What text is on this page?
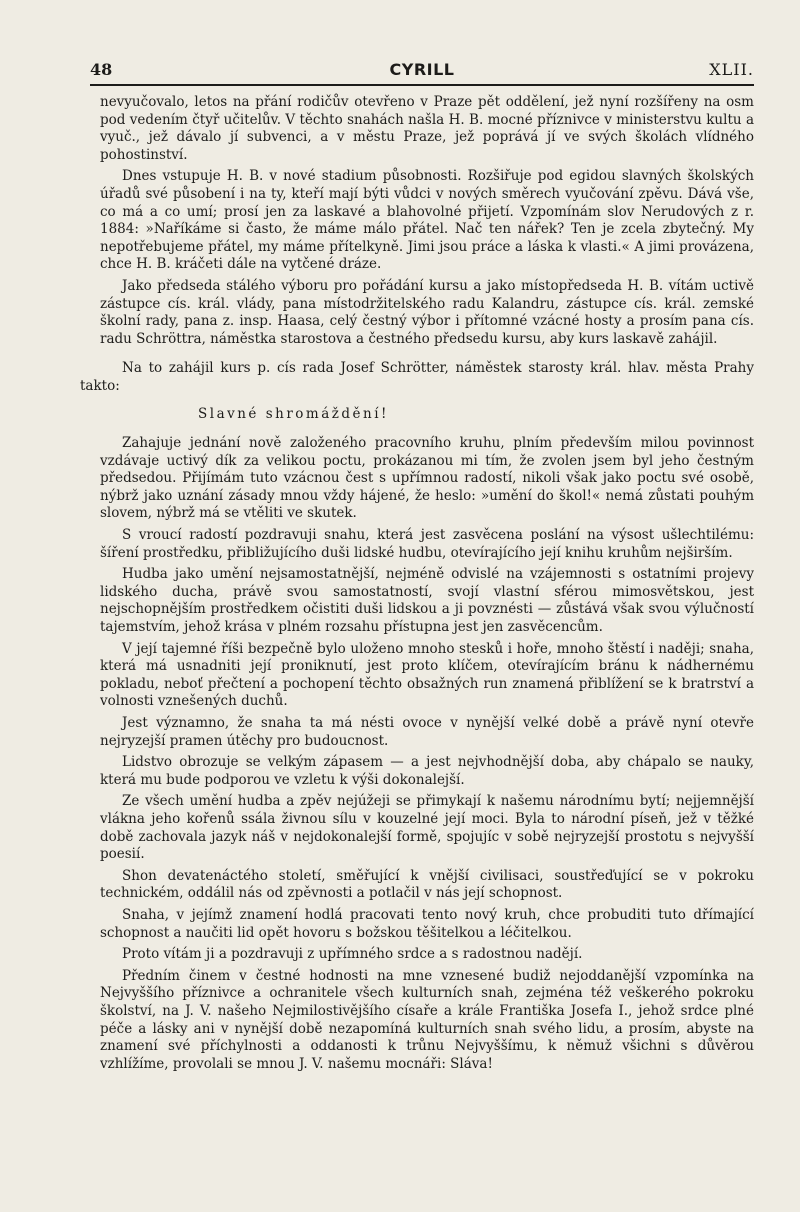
48	CYRILL	XLII.

nevyučovalo, letos na přání rodičův otevřeno v Praze pět oddělení, jež nyní rozšířeny na osm pod vedením čtyř učitelův. V těchto snahách našla H. B. mocné příznivce v ministerstvu kultu a vyuč., jež dávalo jí subvenci, a v městu Praze, jež poprává jí ve svých školách vlídného pohostinství.

Dnes vstupuje H. B. v nové stadium působnosti. Rozšiřuje pod egidou slavných školských úřadů své působení i na ty, kteří mají býti vůdci v nových směrech vyučování zpěvu. Dává vše, co má a co umí; prosí jen za laskavé a blahovolné přijetí. Vzpomínám slov Nerudových z r. 1884: »Naříkáme si často, že máme málo přátel. Nač ten nářek? Ten je zcela zbytečný. My nepotřebujeme přátel, my máme přítelkyně. Jimi jsou práce a láska k vlasti.« A jimi provázena, chce H. B. kráčeti dále na vytčené dráze.

Jako předseda stálého výboru pro pořádání kursu a jako místopředseda H. B. vítám uctivě zástupce cís. král. vlády, pana místodržitelského radu Kalandru, zástupce cís. král. zemské školní rady, pana z. insp. Haasa, celý čestný výbor i přítomné vzácné hosty a prosím pana cís. radu Schröttra, náměstka starostova a čestného předsedu kursu, aby kurs laskavě zahájil.

Na to zahájil kurs p. cís rada Josef Schrötter, náměstek starosty král. hlav. města Prahy takto:

Slavné shromáždění!

Zahajuje jednání nově založeného pracovního kruhu, plním především milou povinnost vzdávaje uctivý dík za velikou poctu, prokázanou mi tím, že zvolen jsem byl jeho čestným předsedou. Přijímám tuto vzácnou čest s upřímnou radostí, nikoli však jako poctu své osobě, nýbrž jako uznání zásady mnou vždy hájené, že heslo: »umění do škol!« nemá zůstati pouhým slovem, nýbrž má se vtěliti ve skutek.

S vroucí radostí pozdravuji snahu, která jest zasvěcena poslání na výsost ušlechtilému: šíření prostředku, přibližujícího duši lidské hudbu, otevírajícího její knihu kruhům nejširším.

Hudba jako umění nejsamostatnější, nejméně odvislé na vzájemnosti s ostatními projevy lidského ducha, právě svou samostatností, svojí vlastní sférou mimosvětskou, jest nejschopnějším prostředkem očistiti duši lidskou a ji povznésti — zůstává však svou výlučností tajemstvím, jehož krása v plném rozsahu přístupna jest jen zasvěcencům.

V její tajemné říši bezpečně bylo uloženo mnoho stesků i hoře, mnoho štěstí i naději; snaha, která má usnadniti její proniknutí, jest proto klíčem, otevírajícím bránu k nádhernému pokladu, neboť přečtení a pochopení těchto obsažných run znamená přiblížení se k bratrství a volnosti vznešených duchů.

Jest významno, že snaha ta má nésti ovoce v nynější velké době a právě nyní otevře nejryzejší pramen útěchy pro budoucnost.

Lidstvo obrozuje se velkým zápasem — a jest nejvhodnější doba, aby chápalo se nauky, která mu bude podporou ve vzletu k výši dokonalejší.

Ze všech umění hudba a zpěv nejúžeji se přimykají k našemu národnímu bytí; nejjemnější vlákna jeho kořenů ssála živnou sílu v kouzelné její moci. Byla to národní píseň, jež v těžké době zachovala jazyk náš v nejdokonalejší formě, spojujíc v sobě nejryzejší prostotu s nejvyšší poesií.

Shon devatenáctého století, směřující k vnější civilisaci, soustřeďující se v pokroku technickém, oddálil nás od zpěvnosti a potlačil v nás její schopnost.

Snaha, v jejímž znamení hodlá pracovati tento nový kruh, chce probuditi tuto dřímající schopnost a naučiti lid opět hovoru s božskou těšitelkou a léčitelkou.

Proto vítám ji a pozdravuji z upřímného srdce a s radostnou nadějí.

Předním činem v čestné hodnosti na mne vznesené budiž nejoddanější vzpomínka na Nejvyššího příznivce a ochranitele všech kulturních snah, zejména též veškerého pokroku školství, na J. V. našeho Nejmilostivějšího císaře a krále Františka Josefa I., jehož srdce plné péče a lásky ani v nynější době nezapomíná kulturních snah svého lidu, a prosím, abyste na znamení své příchylnosti a oddanosti k trůnu Nejvyššímu, k němuž všichni s důvěrou vzhlížíme, provolali se mnou J. V. našemu mocnáři: Sláva!
